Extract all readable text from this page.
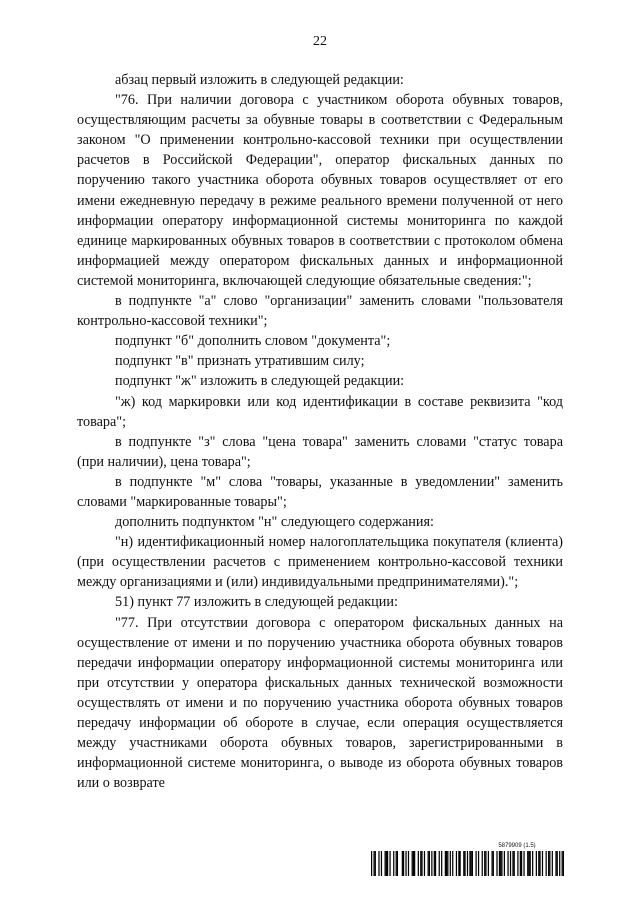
22

абзац первый изложить в следующей редакции:

"76. При наличии договора с участником оборота обувных товаров, осуществляющим расчеты за обувные товары в соответствии с Федеральным законом "О применении контрольно-кассовой техники при осуществлении расчетов в Российской Федерации", оператор фискальных данных по поручению такого участника оборота обувных товаров осуществляет от его имени ежедневную передачу в режиме реального времени полученной от него информации оператору информационной системы мониторинга по каждой единице маркированных обувных товаров в соответствии с протоколом обмена информацией между оператором фискальных данных и информационной системой мониторинга, включающей следующие обязательные сведения:";

в подпункте "а" слово "организации" заменить словами "пользователя контрольно-кассовой техники";

подпункт "б" дополнить словом "документа";

подпункт "в" признать утратившим силу;

подпункт "ж" изложить в следующей редакции:

"ж) код маркировки или код идентификации в составе реквизита "код товара";

в подпункте "з" слова "цена товара" заменить словами "статус товара (при наличии), цена товара";

в подпункте "м" слова "товары, указанные в уведомлении" заменить словами "маркированные товары";

дополнить подпунктом "н" следующего содержания:

"н) идентификационный номер налогоплательщика покупателя (клиента) (при осуществлении расчетов с применением контрольно-кассовой техники между организациями и (или) индивидуальными предпринимателями).";

51) пункт 77 изложить в следующей редакции:

"77. При отсутствии договора с оператором фискальных данных на осуществление от имени и по поручению участника оборота обувных товаров передачи информации оператору информационной системы мониторинга или при отсутствии у оператора фискальных данных технической возможности осуществлять от имени и по поручению участника оборота обувных товаров передачу информации об обороте в случае, если операция осуществляется между участниками оборота обувных товаров, зарегистрированными в информационной системе мониторинга, о выводе из оборота обувных товаров или о возврате

5879909 (1.5)
